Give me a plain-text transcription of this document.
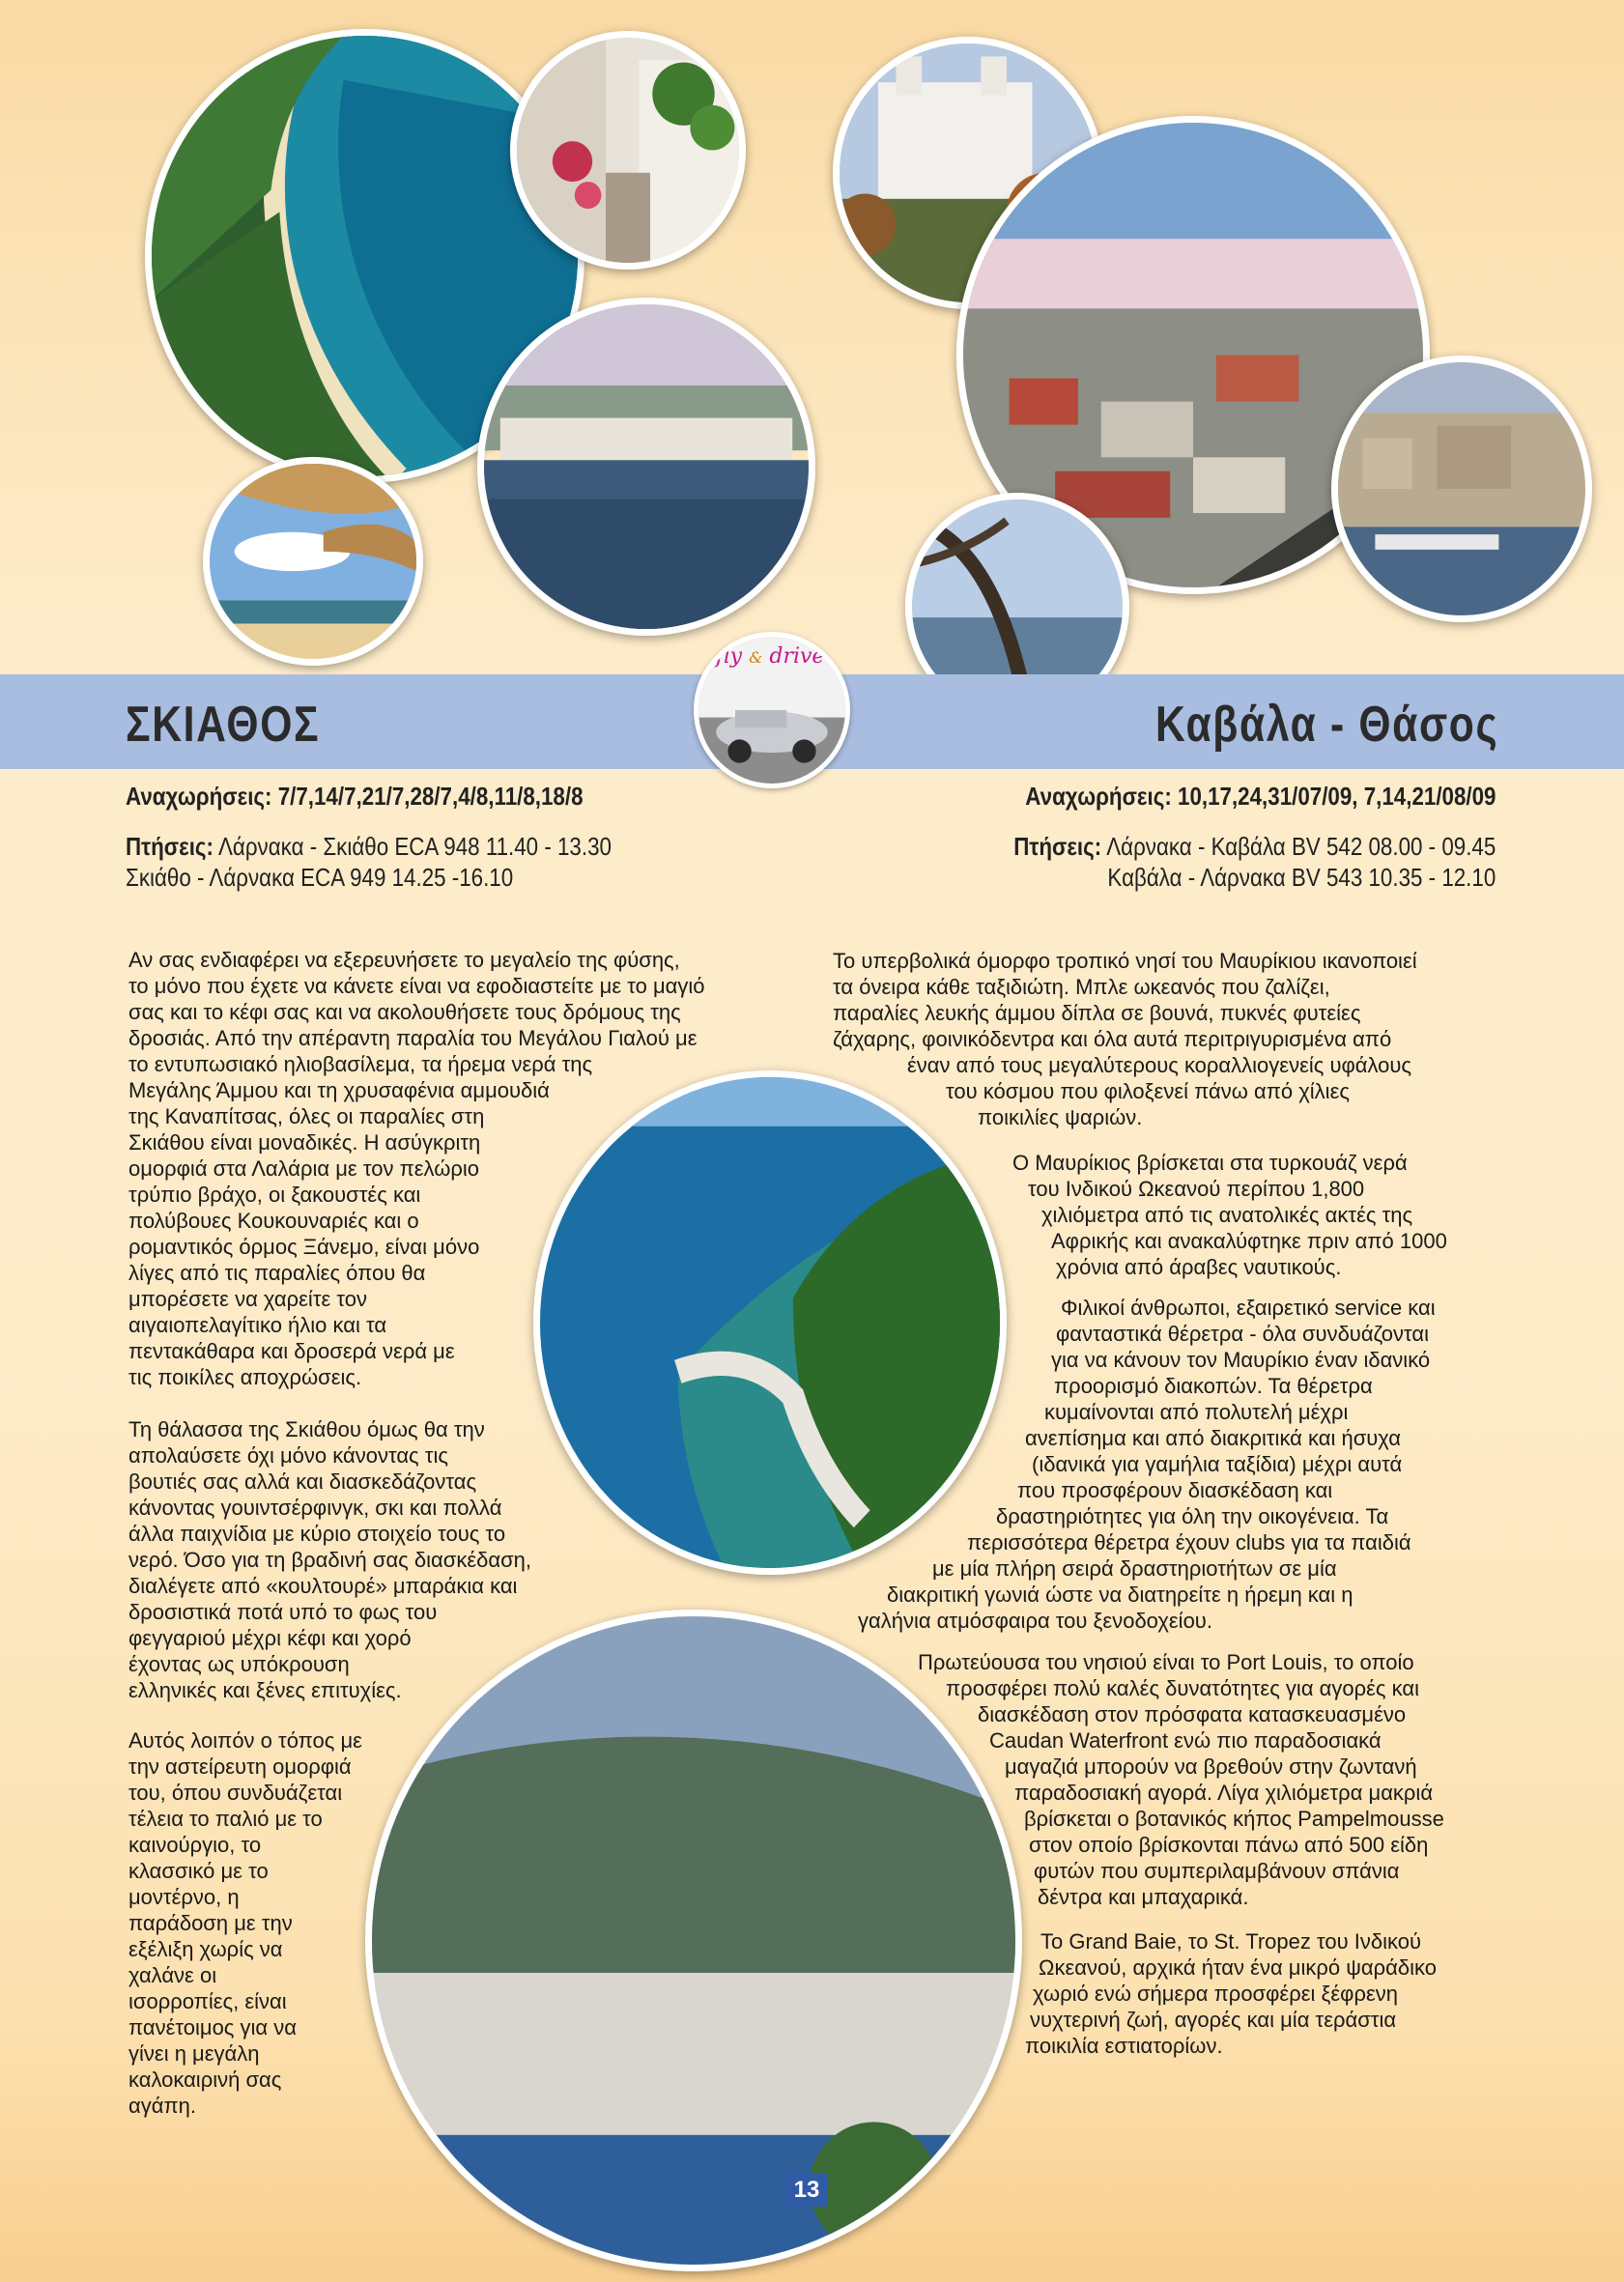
ΣΚΙΑΘΟΣ	Καβάλα - Θάσος
fly & drive
Αναχωρήσεις: 7/7,14/7,21/7,28/7,4/8,11/8,18/8	Αναχωρήσεις: 10,17,24,31/07/09, 7,14,21/08/09
Πτήσεις: Λάρνακα - Σκιάθο ECA 948 11.40 - 13.30
Σκιάθο - Λάρνακα ECA 949 14.25 -16.10
Πτήσεις: Λάρνακα - Καβάλα BV 542 08.00 - 09.45
Καβάλα - Λάρνακα BV 543 10.35 - 12.10
Αν σας ενδιαφέρει να εξερευνήσετε το μεγαλείο της φύσης,
το μόνο που έχετε να κάνετε είναι να εφοδιαστείτε με το μαγιό
σας και το κέφι σας και να ακολουθήσετε τους δρόμους της
δροσιάς. Από την απέραντη παραλία του Μεγάλου Γιαλού με
το εντυπωσιακό ηλιοβασίλεμα, τα ήρεμα νερά της
Μεγάλης Άμμου και τη χρυσαφένια αμμουδιά
της Καναπίτσας, όλες οι παραλίες στη
Σκιάθου είναι μοναδικές. Η ασύγκριτη
ομορφιά στα Λαλάρια με τον πελώριο
τρύπιο βράχο, οι ξακουστές και
πολύβουες Κουκουναριές και ο
ρομαντικός όρμος Ξάνεμο, είναι μόνο
λίγες από τις παραλίες όπου θα
μπορέσετε να χαρείτε τον
αιγαιοπελαγίτικο ήλιο και τα
πεντακάθαρα και δροσερά νερά με
τις ποικίλες αποχρώσεις.
Τη θάλασσα της Σκιάθου όμως θα την
απολαύσετε όχι μόνο κάνοντας τις
βουτιές σας αλλά και διασκεδάζοντας
κάνοντας γουιντσέρφινγκ, σκι και πολλά
άλλα παιχνίδια με κύριο στοιχείο τους το
νερό. Όσο για τη βραδινή σας διασκέδαση,
διαλέγετε από «κουλτουρέ» μπαράκια και
δροσιστικά ποτά υπό το φως του
φεγγαριού μέχρι κέφι και χορό
έχοντας ως υπόκρουση
ελληνικές και ξένες επιτυχίες.
Αυτός λοιπόν ο τόπος με
την αστείρευτη ομορφιά
του, όπου συνδυάζεται
τέλεια το παλιό με το
καινούργιο, το
κλασσικό με το
μοντέρνο, η
παράδοση με την
εξέλιξη χωρίς να
χαλάνε οι
ισορροπίες, είναι
πανέτοιμος για να
γίνει η μεγάλη
καλοκαιρινή σας
αγάπη.
Το υπερβολικά όμορφο τροπικό νησί του Μαυρίκιου ικανοποιεί
τα όνειρα κάθε ταξιδιώτη. Μπλε ωκεανός που ζαλίζει,
παραλίες λευκής άμμου δίπλα σε βουνά, πυκνές φυτείες
ζάχαρης, φοινικόδεντρα και όλα αυτά περιτριγυρισμένα από
έναν από τους μεγαλύτερους κοραλλιογενείς υφάλους
του κόσμου που φιλοξενεί πάνω από χίλιες
ποικιλίες ψαριών.
Ο Μαυρίκιος βρίσκεται στα τυρκουάζ νερά
του Ινδικού Ωκεανού περίπου 1,800
χιλιόμετρα από τις ανατολικές ακτές της
Αφρικής και ανακαλύφτηκε πριν από 1000
χρόνια από άραβες ναυτικούς.
Φιλικοί άνθρωποι, εξαιρετικό service και
φανταστικά θέρετρα - όλα συνδυάζονται
για να κάνουν τον Μαυρίκιο έναν ιδανικό
προορισμό διακοπών. Τα θέρετρα
κυμαίνονται από πολυτελή μέχρι
ανεπίσημα και από διακριτικά και ήσυχα
(ιδανικά για γαμήλια ταξίδια) μέχρι αυτά
που προσφέρουν διασκέδαση και
δραστηριότητες για όλη την οικογένεια. Τα
περισσότερα θέρετρα έχουν clubs για τα παιδιά
με μία πλήρη σειρά δραστηριοτήτων σε μία
διακριτική γωνιά ώστε να διατηρείτε η ήρεμη και η
γαλήνια ατμόσφαιρα του ξενοδοχείου.
Πρωτεύουσα του νησιού είναι το Port Louis, το οποίο
προσφέρει πολύ καλές δυνατότητες για αγορές και
διασκέδαση στον πρόσφατα κατασκευασμένο
Caudan Waterfront ενώ πιο παραδοσιακά
μαγαζιά μπορούν να βρεθούν στην ζωντανή
παραδοσιακή αγορά. Λίγα χιλιόμετρα μακριά
βρίσκεται ο βοτανικός κήπος Pampelmousse
στον οποίο βρίσκονται πάνω από 500 είδη
φυτών που συμπεριλαμβάνουν σπάνια
δέντρα και μπαχαρικά.
Το Grand Baie, το St. Tropez του Ινδικού
Ωκεανού, αρχικά ήταν ένα μικρό ψαράδικο
χωριό ενώ σήμερα προσφέρει ξέφρενη
νυχτερινή ζωή, αγορές και μία τεράστια
ποικιλία εστιατορίων.
13
